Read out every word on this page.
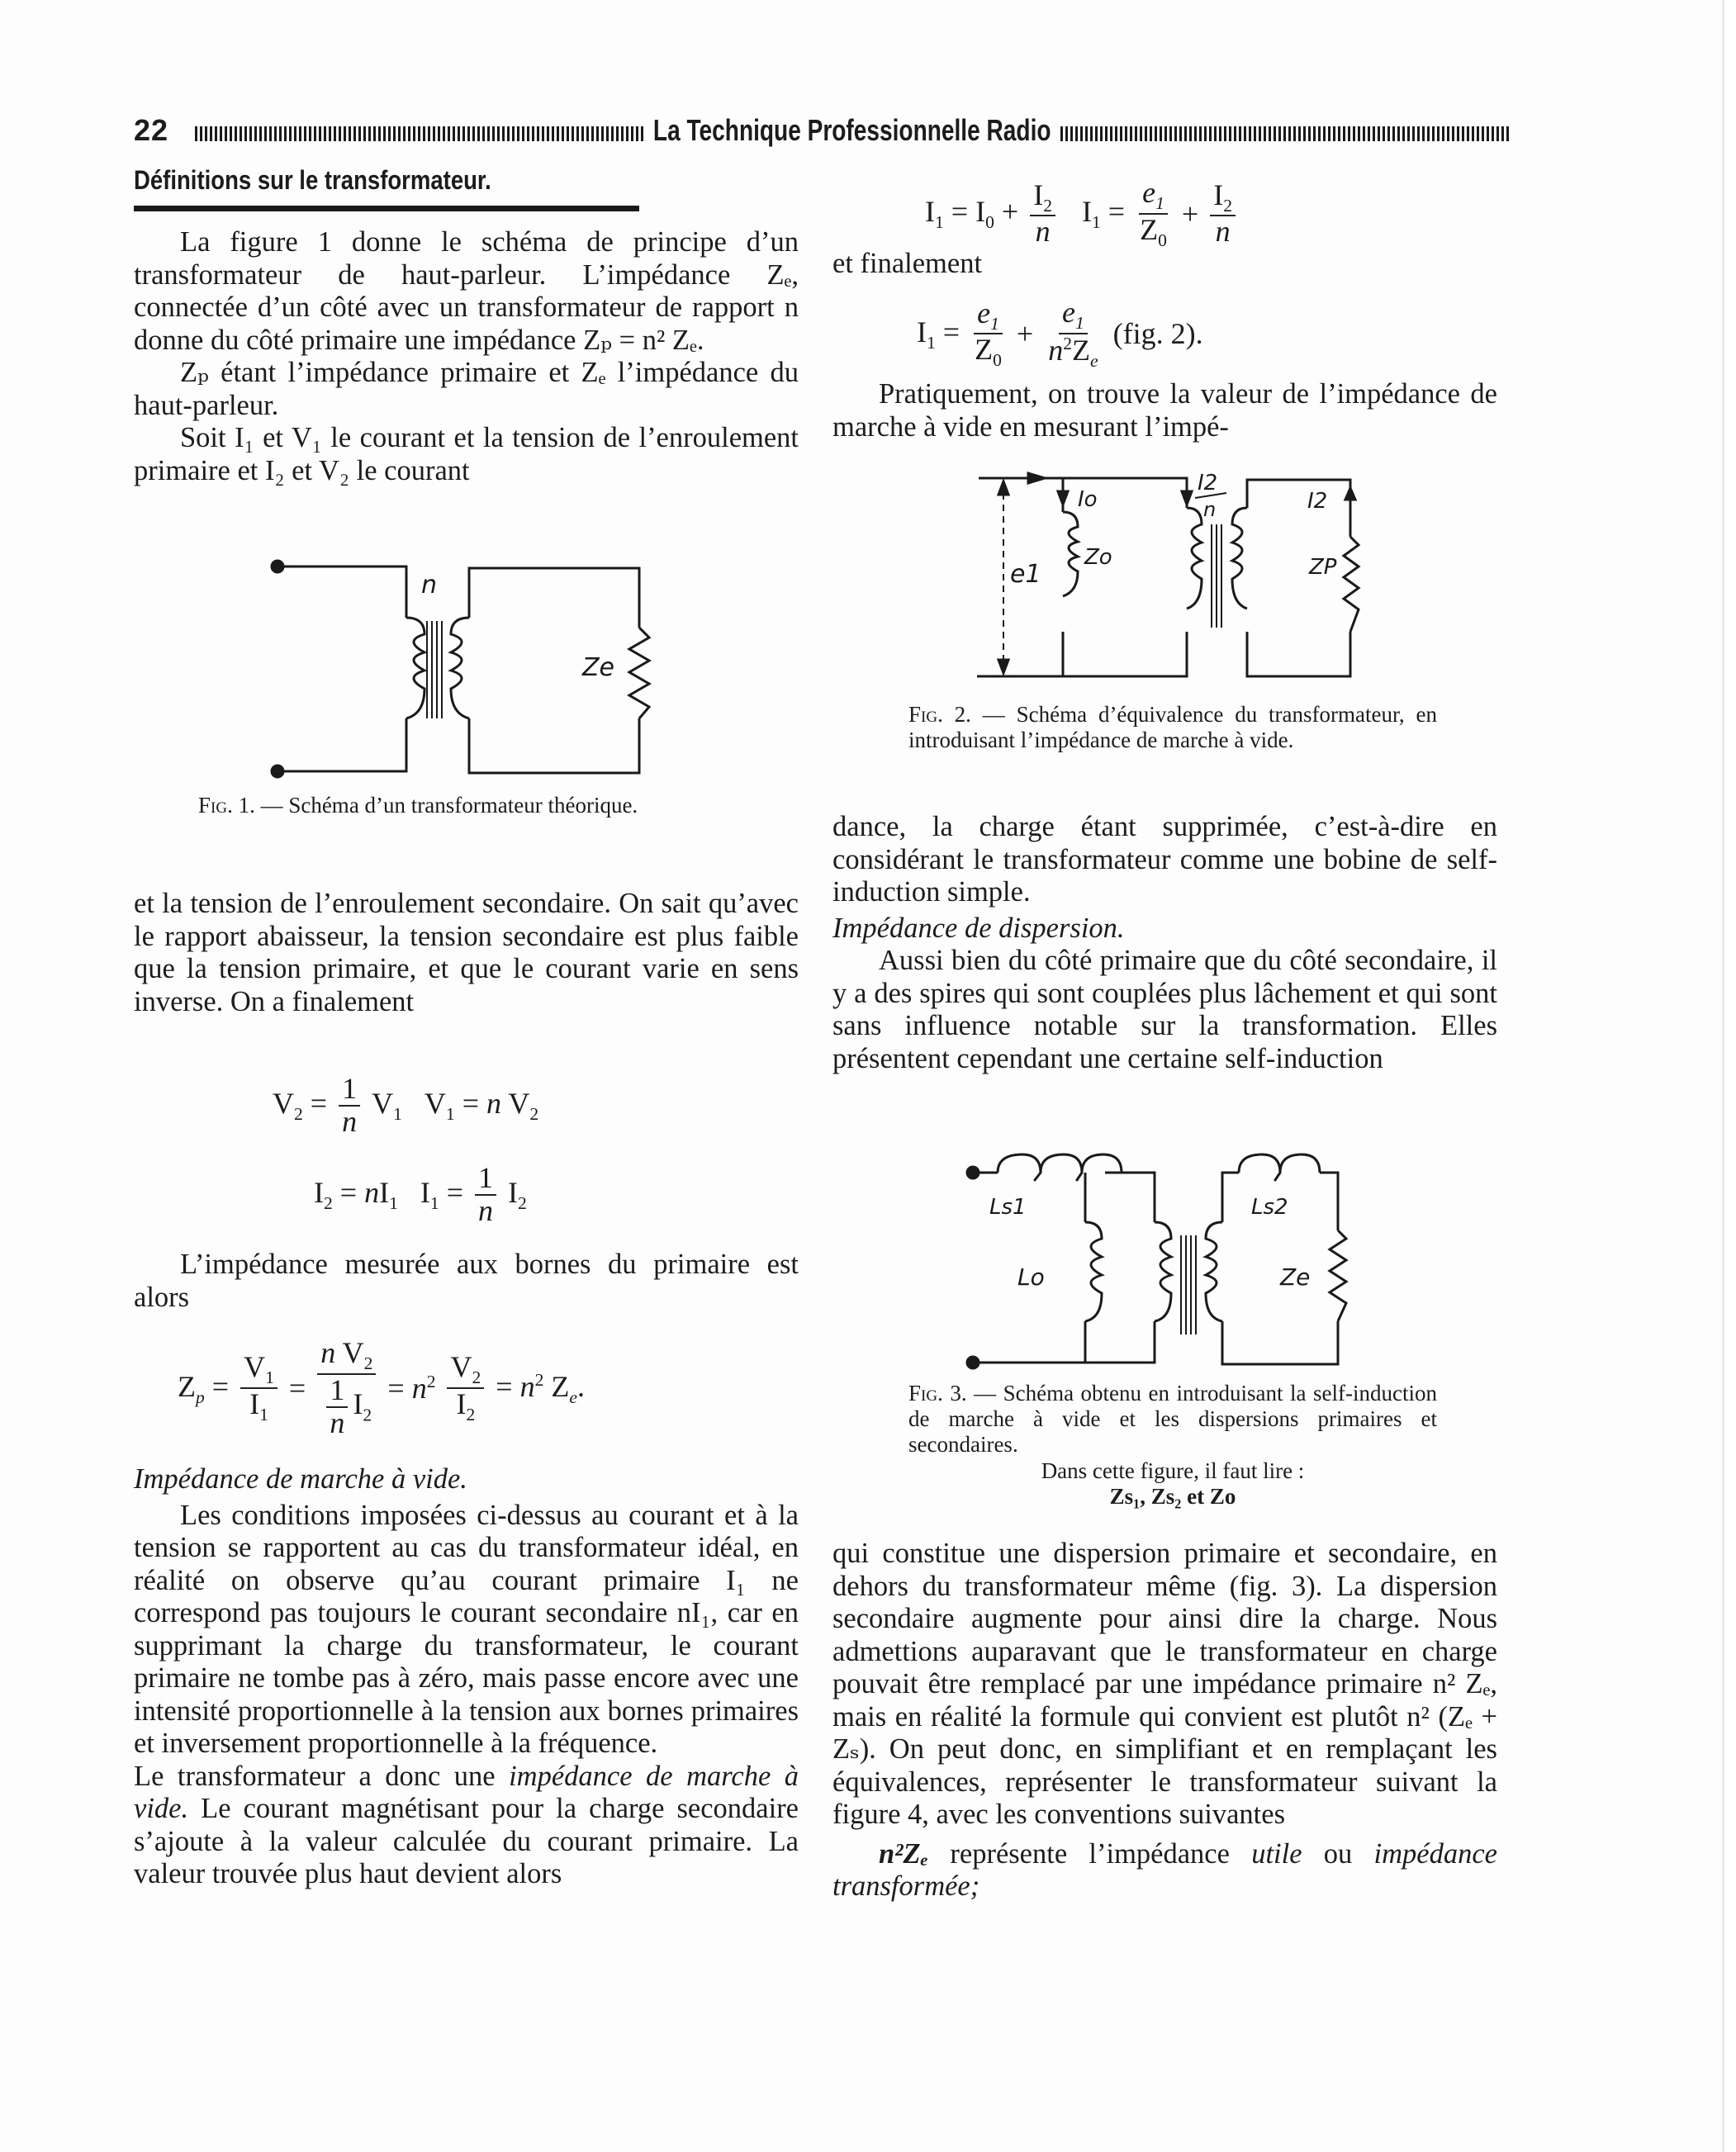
22	La Technique Professionnelle Radio
Définitions sur le transformateur.

La figure 1 donne le schéma de principe d’un transformateur de haut-parleur. L’impédance Zₑ, connectée d’un côté avec un transformateur de rapport n donne du côté primaire une impédance Zₚ = n² Zₑ.

Zₚ étant l’impédance primaire et Zₑ l’impédance du haut-parleur.

Soit I₁ et V₁ le courant et la tension de l’enroulement primaire et I₂ et V₂ le courant

n
Ze
Fig. 1. — Schéma d’un transformateur théorique.

et la tension de l’enroulement secondaire. On sait qu’avec le rapport abaisseur, la tension secondaire est plus faible que la tension primaire, et que le courant varie en sens inverse. On a finalement

$V_2 = \frac{1}{n} V_1$   $V_1 = n$ $V_2$
$I_2 = nI_1$   $I_1 = \frac{1}{n} I_2$

L’impédance mesurée aux bornes du primaire est alors

$Z_p = \frac{V_1}{I_1} = \frac{n V_2}{\frac{1}{n} I_2} = n^2 \frac{V_2}{I_2} = n^2$ $Z_e$.

Impédance de marche à vide.

Les conditions imposées ci-dessus au courant et à la tension se rapportent au cas du transformateur idéal, en réalité on observe qu’au courant primaire I₁ ne correspond pas toujours le courant secondaire nI₁, car en supprimant la charge du transformateur, le courant primaire ne tombe pas à zéro, mais passe encore avec une intensité proportionnelle à la tension aux bornes primaires et inversement proportionnelle à la fréquence.

Le transformateur a donc une impédance de marche à vide. Le courant magnétisant pour la charge secondaire s’ajoute à la valeur calculée du courant primaire. La valeur trouvée plus haut devient alors

$I_1 = I_0 + \frac{I_2}{n} I_1 = \frac{e_1}{Z_0} + \frac{I_2}{n}$

et finalement

$I_1 = \frac{e_1}{Z_0} + \frac{e_1}{n^2Z_e} (fig$. 2).

Pratiquement, on trouve la valeur de l’impédance de marche à vide en mesurant l’impé-

Io
I2
n	I2
e1
Zo	ZP
Fig. 2. — Schéma d’équivalence du transformateur, en introduisant l’impédance de marche à vide.

dance, la charge étant supprimée, c’est-à-dire en considérant le transformateur comme une bobine de self-induction simple.

Impédance de dispersion.

Aussi bien du côté primaire que du côté secondaire, il y a des spires qui sont couplées plus lâchement et qui sont sans influence notable sur la transformation. Elles présentent cependant une certaine self-induction

Ls1	Ls2
Lo	Ze
Fig. 3. — Schéma obtenu en introduisant la self-induction de marche à vide et les dispersions primaires et secondaires.
Dans cette figure, il faut lire :
Zs₁, Zs₂ et Zo

qui constitue une dispersion primaire et secondaire, en dehors du transformateur même (fig. 3). La dispersion secondaire augmente pour ainsi dire la charge. Nous admettions auparavant que le transformateur en charge pouvait être remplacé par une impédance primaire n² Zₑ, mais en réalité la formule qui convient est plutôt n² (Zₑ + Zₛ). On peut donc, en simplifiant et en remplaçant les équivalences, représenter le transformateur suivant la figure 4, avec les conventions suivantes

n²Zₑ représente l’impédance utile ou impédance transformée;
